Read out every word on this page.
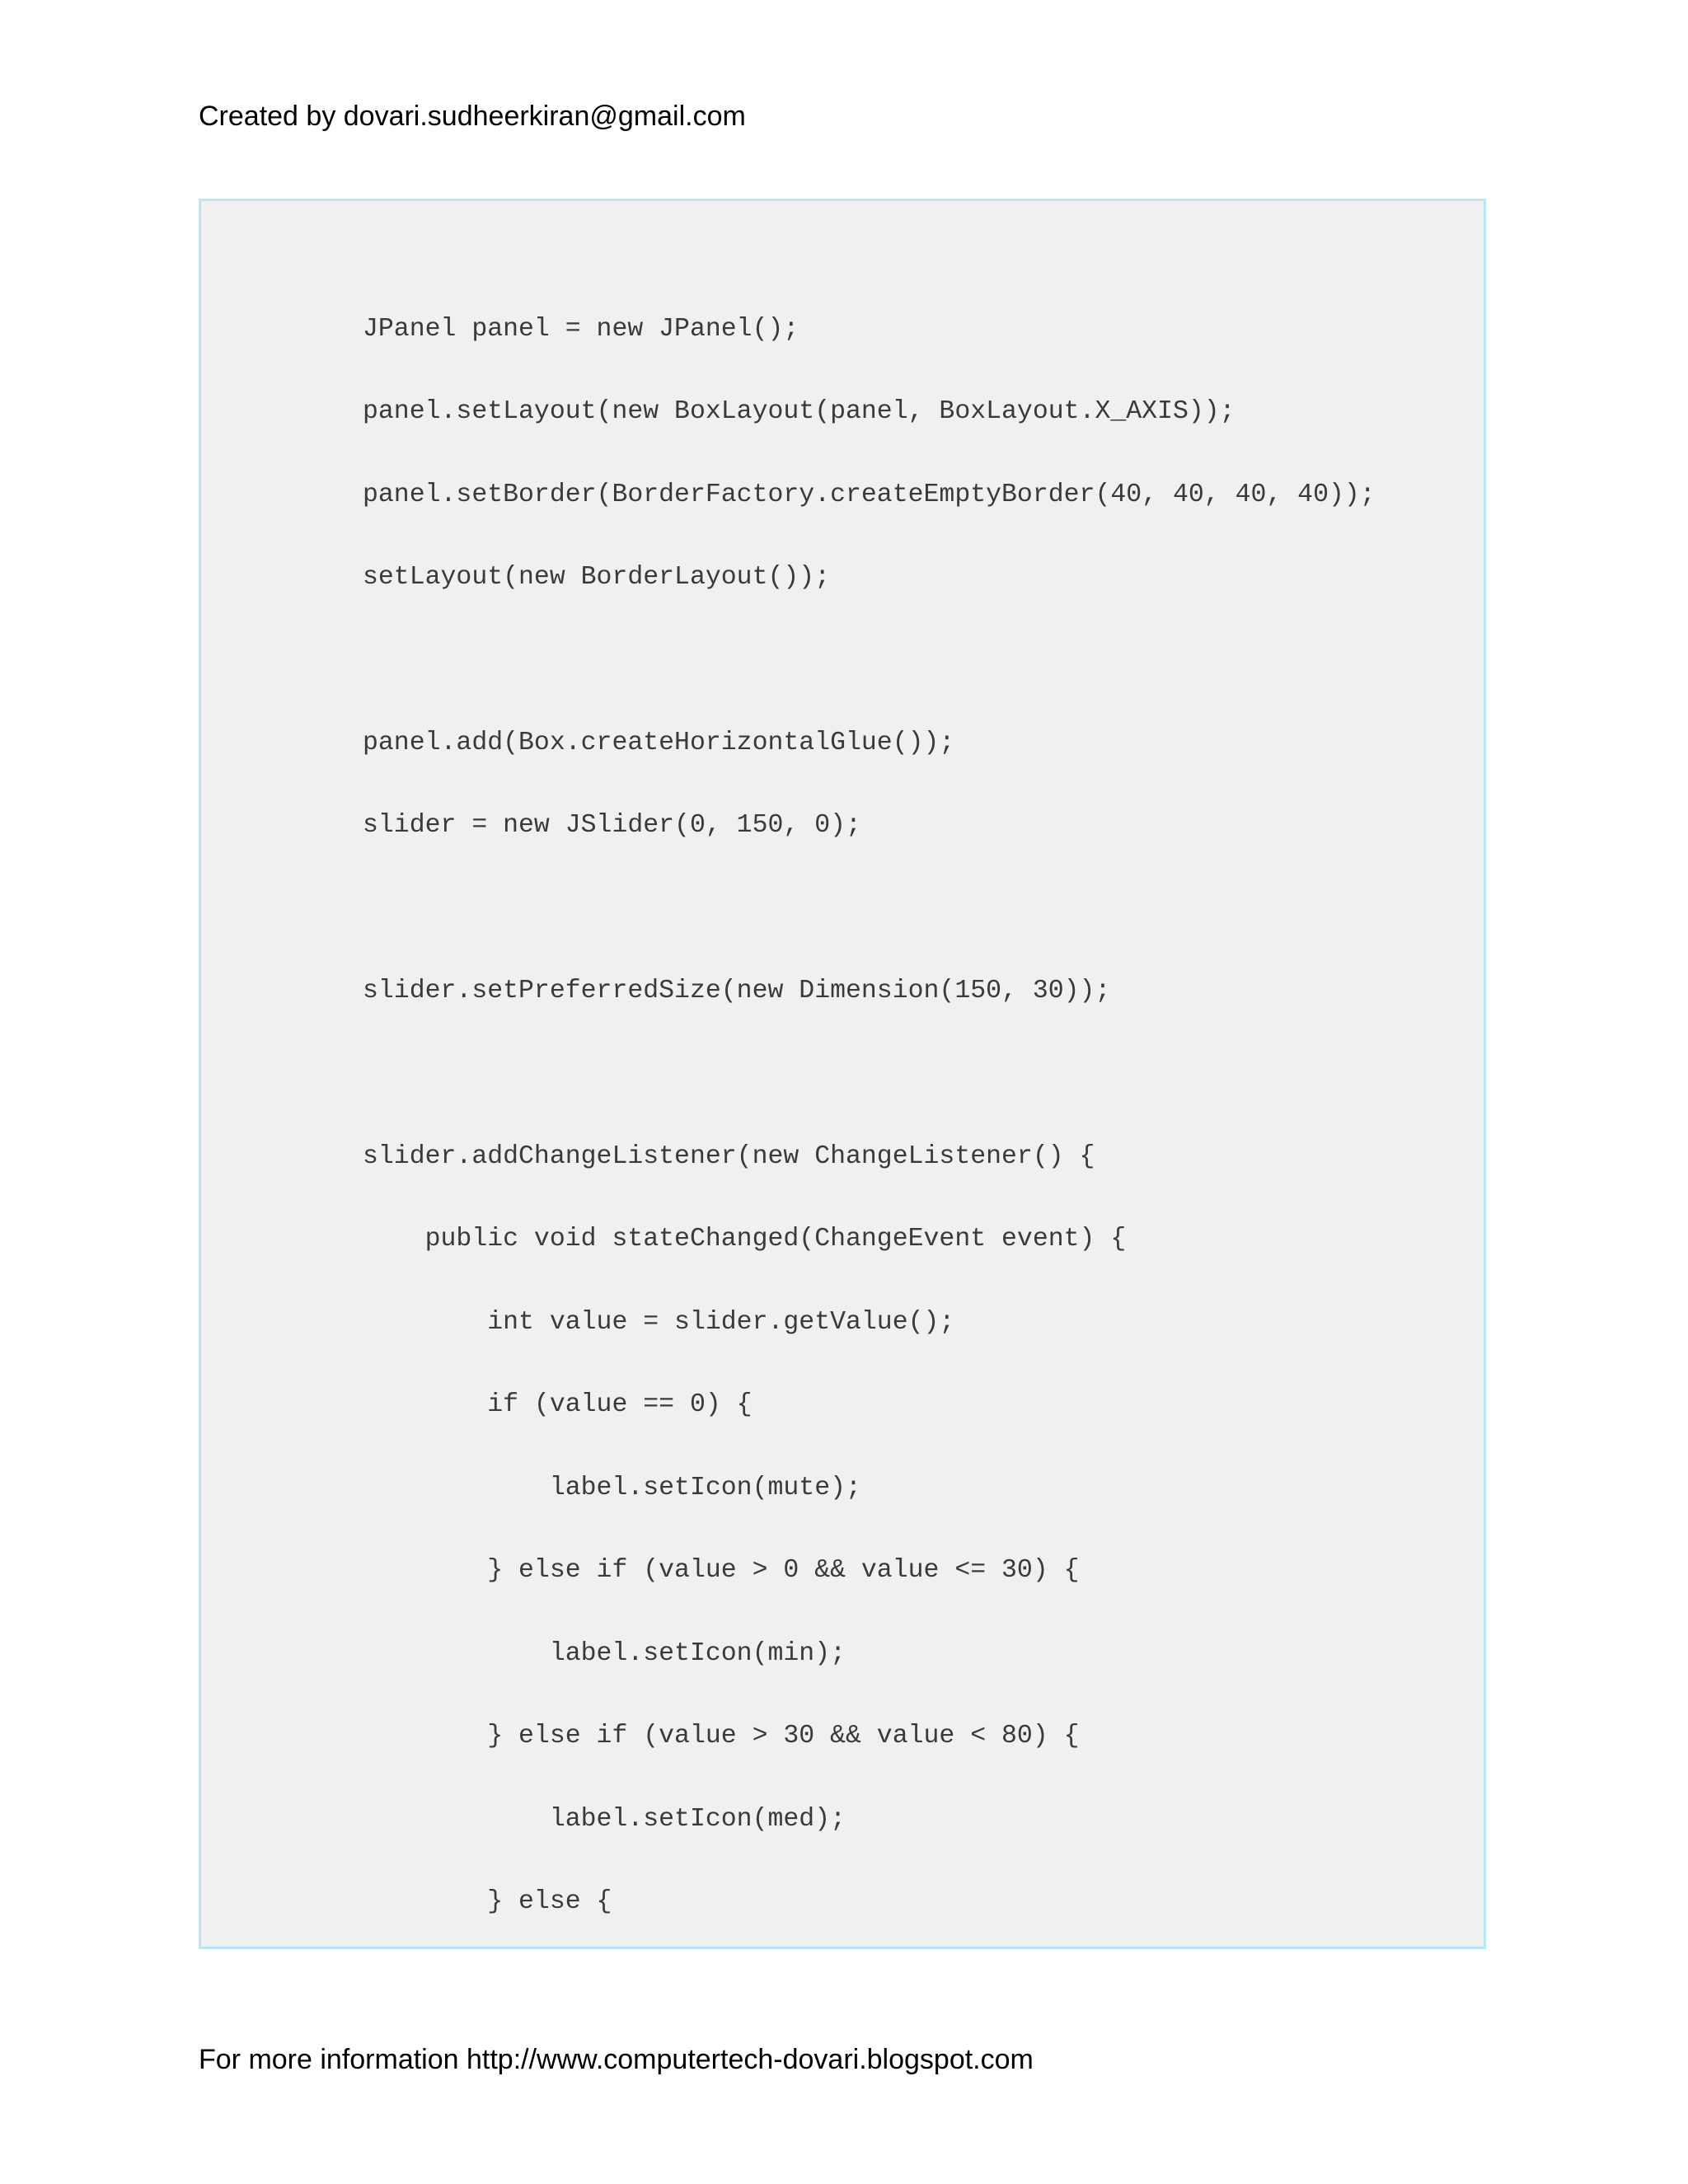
Created by dovari.sudheerkiran@gmail.com
JPanel panel = new JPanel();
panel.setLayout(new BoxLayout(panel, BoxLayout.X_AXIS));
panel.setBorder(BorderFactory.createEmptyBorder(40, 40, 40, 40));
setLayout(new BorderLayout());
panel.add(Box.createHorizontalGlue());
slider = new JSlider(0, 150, 0);
slider.setPreferredSize(new Dimension(150, 30));
slider.addChangeListener(new ChangeListener() {
public void stateChanged(ChangeEvent event) {
int value = slider.getValue();
if (value == 0) {
label.setIcon(mute);
} else if (value > 0 && value <= 30) {
label.setIcon(min);
} else if (value > 30 && value < 80) {
label.setIcon(med);
} else {
For more information http://www.computertech-dovari.blogspot.com
